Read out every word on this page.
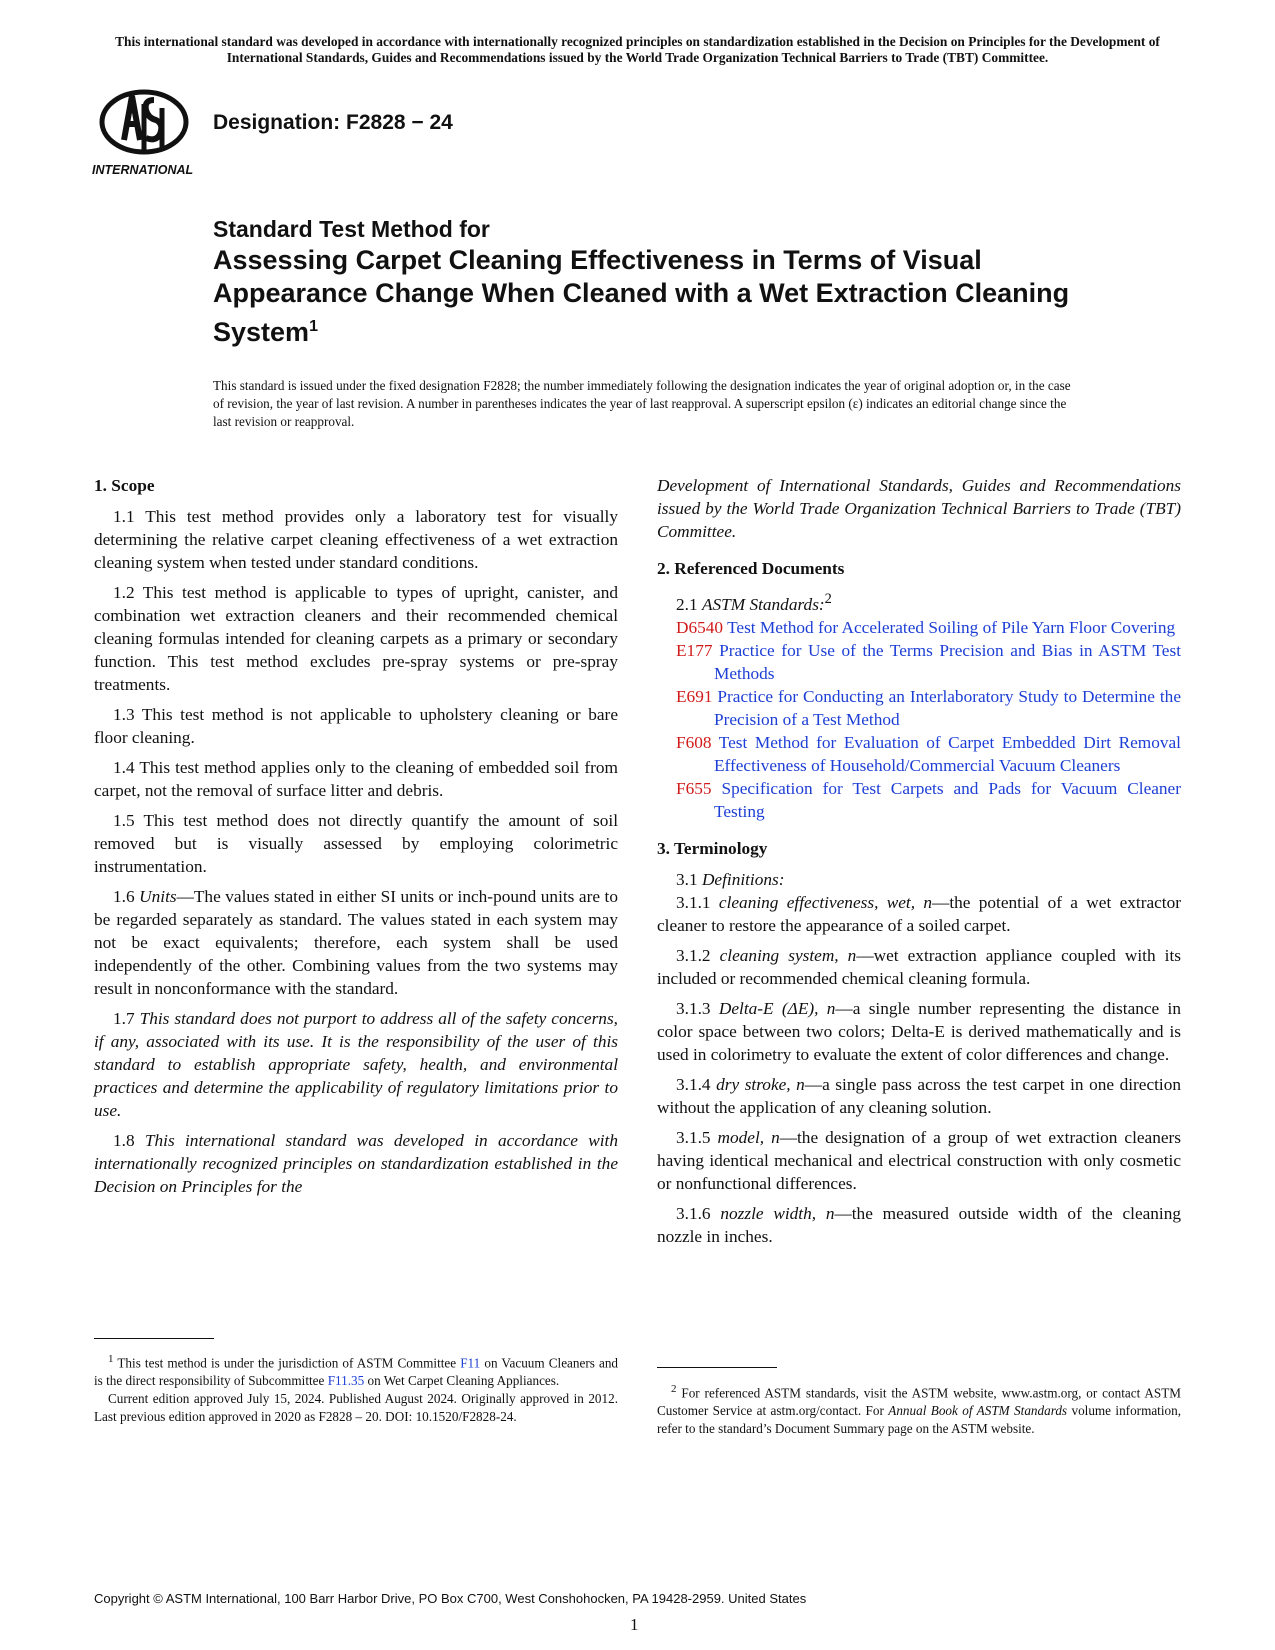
This international standard was developed in accordance with internationally recognized principles on standardization established in the Decision on Principles for the Development of International Standards, Guides and Recommendations issued by the World Trade Organization Technical Barriers to Trade (TBT) Committee.
INTERNATIONAL
Designation: F2828 − 24
Standard Test Method for
Assessing Carpet Cleaning Effectiveness in Terms of Visual Appearance Change When Cleaned with a Wet Extraction Cleaning System$^1$
This standard is issued under the fixed designation F2828; the number immediately following the designation indicates the year of original adoption or, in the case of revision, the year of last revision. A number in parentheses indicates the year of last reapproval. A superscript epsilon (ε) indicates an editorial change since the last revision or reapproval.
1. Scope

1.1 This test method provides only a laboratory test for visually determining the relative carpet cleaning effectiveness of a wet extraction cleaning system when tested under standard conditions.

1.2 This test method is applicable to types of upright, canister, and combination wet extraction cleaners and their recommended chemical cleaning formulas intended for cleaning carpets as a primary or secondary function. This test method excludes pre-spray systems or pre-spray treatments.

1.3 This test method is not applicable to upholstery cleaning or bare floor cleaning.

1.4 This test method applies only to the cleaning of embedded soil from carpet, not the removal of surface litter and debris.

1.5 This test method does not directly quantify the amount of soil removed but is visually assessed by employing colorimetric instrumentation.

1.6 Units—The values stated in either SI units or inch-pound units are to be regarded separately as standard. The values stated in each system may not be exact equivalents; therefore, each system shall be used independently of the other. Combining values from the two systems may result in nonconformance with the standard.

1.7 This standard does not purport to address all of the safety concerns, if any, associated with its use. It is the responsibility of the user of this standard to establish appropriate safety, health, and environmental practices and determine the applicability of regulatory limitations prior to use.

1.8 This international standard was developed in accordance with internationally recognized principles on standardization established in the Decision on Principles for the

Development of International Standards, Guides and Recommendations issued by the World Trade Organization Technical Barriers to Trade (TBT) Committee.

2. Referenced Documents

2.1 ASTM Standards:$^2$

D6540 Test Method for Accelerated Soiling of Pile Yarn Floor Covering

E177 Practice for Use of the Terms Precision and Bias in ASTM Test Methods

E691 Practice for Conducting an Interlaboratory Study to Determine the Precision of a Test Method

F608 Test Method for Evaluation of Carpet Embedded Dirt Removal Effectiveness of Household/Commercial Vacuum Cleaners

F655 Specification for Test Carpets and Pads for Vacuum Cleaner Testing

3. Terminology

3.1 Definitions:

3.1.1 cleaning effectiveness, wet, n—the potential of a wet extractor cleaner to restore the appearance of a soiled carpet.

3.1.2 cleaning system, n—wet extraction appliance coupled with its included or recommended chemical cleaning formula.

3.1.3 Delta-E (ΔE), n—a single number representing the distance in color space between two colors; Delta-E is derived mathematically and is used in colorimetry to evaluate the extent of color differences and change.

3.1.4 dry stroke, n—a single pass across the test carpet in one direction without the application of any cleaning solution.

3.1.5 model, n—the designation of a group of wet extraction cleaners having identical mechanical and electrical construction with only cosmetic or nonfunctional differences.

3.1.6 nozzle width, n—the measured outside width of the cleaning nozzle in inches.

$^1$ This test method is under the jurisdiction of ASTM Committee F11 on Vacuum Cleaners and is the direct responsibility of Subcommittee F11.35 on Wet Carpet Cleaning Appliances.

Current edition approved July 15, 2024. Published August 2024. Originally approved in 2012. Last previous edition approved in 2020 as F2828 – 20. DOI: 10.1520/F2828-24.

$^2$ For referenced ASTM standards, visit the ASTM website, www.astm.org, or contact ASTM Customer Service at astm.org/contact. For Annual Book of ASTM Standards volume information, refer to the standard’s Document Summary page on the ASTM website.

Copyright © ASTM International, 100 Barr Harbor Drive, PO Box C700, West Conshohocken, PA 19428-2959. United States
1
